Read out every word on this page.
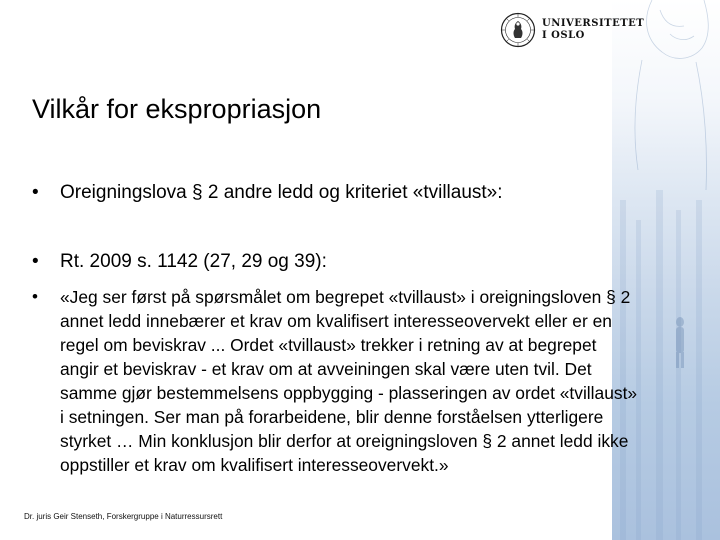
UNIVERSITETET
I OSLO
Vilkår for ekspropriasjon
• Oreigningslova § 2 andre ledd og kriteriet «tvillaust»:
• Rt. 2009 s. 1142 (27, 29 og 39):
• «Jeg ser først på spørsmålet om begrepet «tvillaust» i oreigningsloven § 2 annet ledd innebærer et krav om kvalifisert interesseovervekt eller er en regel om beviskrav ... Ordet «tvillaust» trekker i retning av at begrepet angir et beviskrav - et krav om at avveiningen skal være uten tvil. Det samme gjør bestemmelsens oppbygging - plasseringen av ordet «tvillaust» i setningen. Ser man på forarbeidene, blir denne forståelsen ytterligere styrket … Min konklusjon blir derfor at oreigningsloven § 2 annet ledd ikke oppstiller et krav om kvalifisert interesseovervekt.»
Dr. juris Geir Stenseth, Forskergruppe i Naturressursrett
